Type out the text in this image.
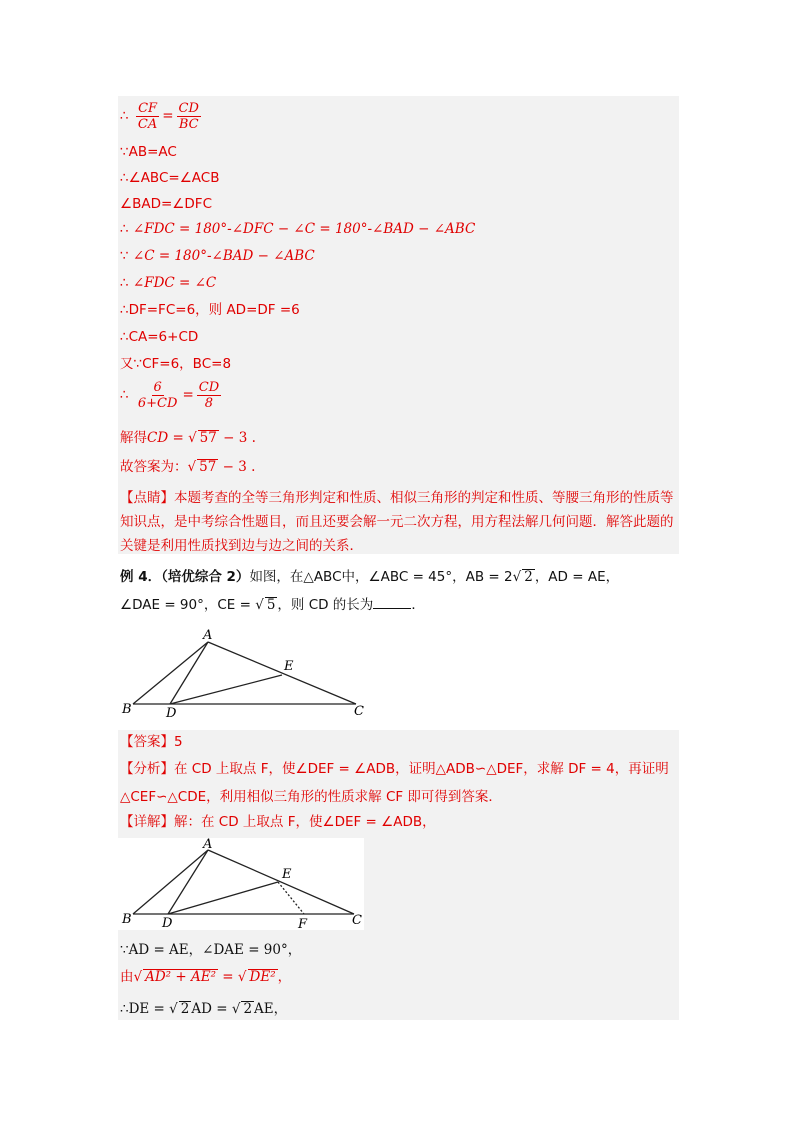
∴ $\frac{CF}{CA} = \frac{CD}{BC}$
∵AB=AC
∴∠ABC=∠ACB
∠BAD=∠DFC
∴ ∠FDC = 180°-∠DFC − ∠C = 180°-∠BAD − ∠ABC
∵ ∠C = 180°-∠BAD − ∠ABC
∴ ∠FDC = ∠C
∴DF=FC=6，则 AD=DF =6
∴CA=6+CD
又∵CF=6，BC=8
∴ $\frac{6}{6+CD} = \frac{CD}{8}$
解得CD = √ 57 − 3 .
故答案为：√ 57 − 3 .
【点睛】本题考查的全等三角形判定和性质、相似三角形的判定和性质、等腰三角形的性质等知识点，是中考综合性题目，而且还要会解一元二次方程，用方程法解几何问题．解答此题的关键是利用性质找到边与边之间的关系．
例 4．（培优综合 2）如图，在△ABC中，∠ABC = 45°，AB = 2√ 2 ，AD = AE，
∠DAE = 90°，CE = √ 5 ，则 CD 的长为	．
A
B	C
D
E
【答案】5
【分析】在 CD 上取点 F，使∠DEF = ∠ADB，证明△ADB∽△DEF，求解 DF = 4，再证明△CEF∽△CDE，利用相似三角形的性质求解 CF 即可得到答案．
【详解】解：在 CD 上取点 F，使∠DEF = ∠ADB，
A
B	C
D
E
F
∵AD = AE，∠DAE = 90°，
由√ AD² + AE² = √ DE² ，
∴DE = √ 2 AD = √ 2 AE，
